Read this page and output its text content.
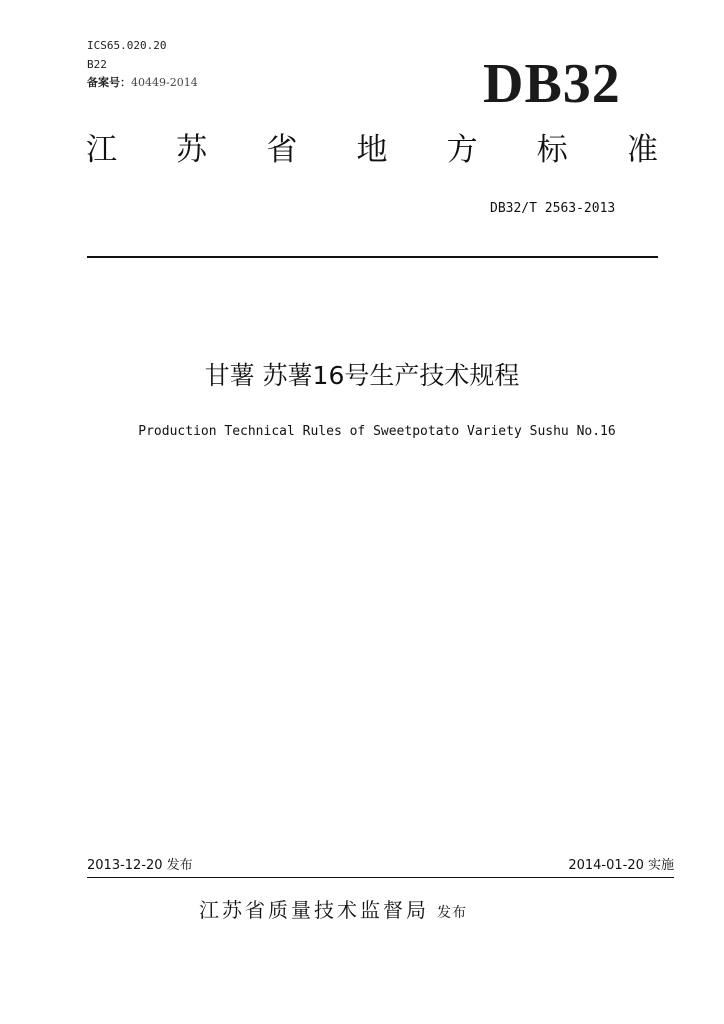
ICS65.020.20
B22
备案号：40449-2014	DB32
江 苏 省 地 方 标 准
DB32/T 2563-2013
甘薯 苏薯16号生产技术规程
Production Technical Rules of Sweetpotato Variety Sushu No.16
2013-12-20 发布	2014-01-20 实施
江苏省质量技术监督局 发布
